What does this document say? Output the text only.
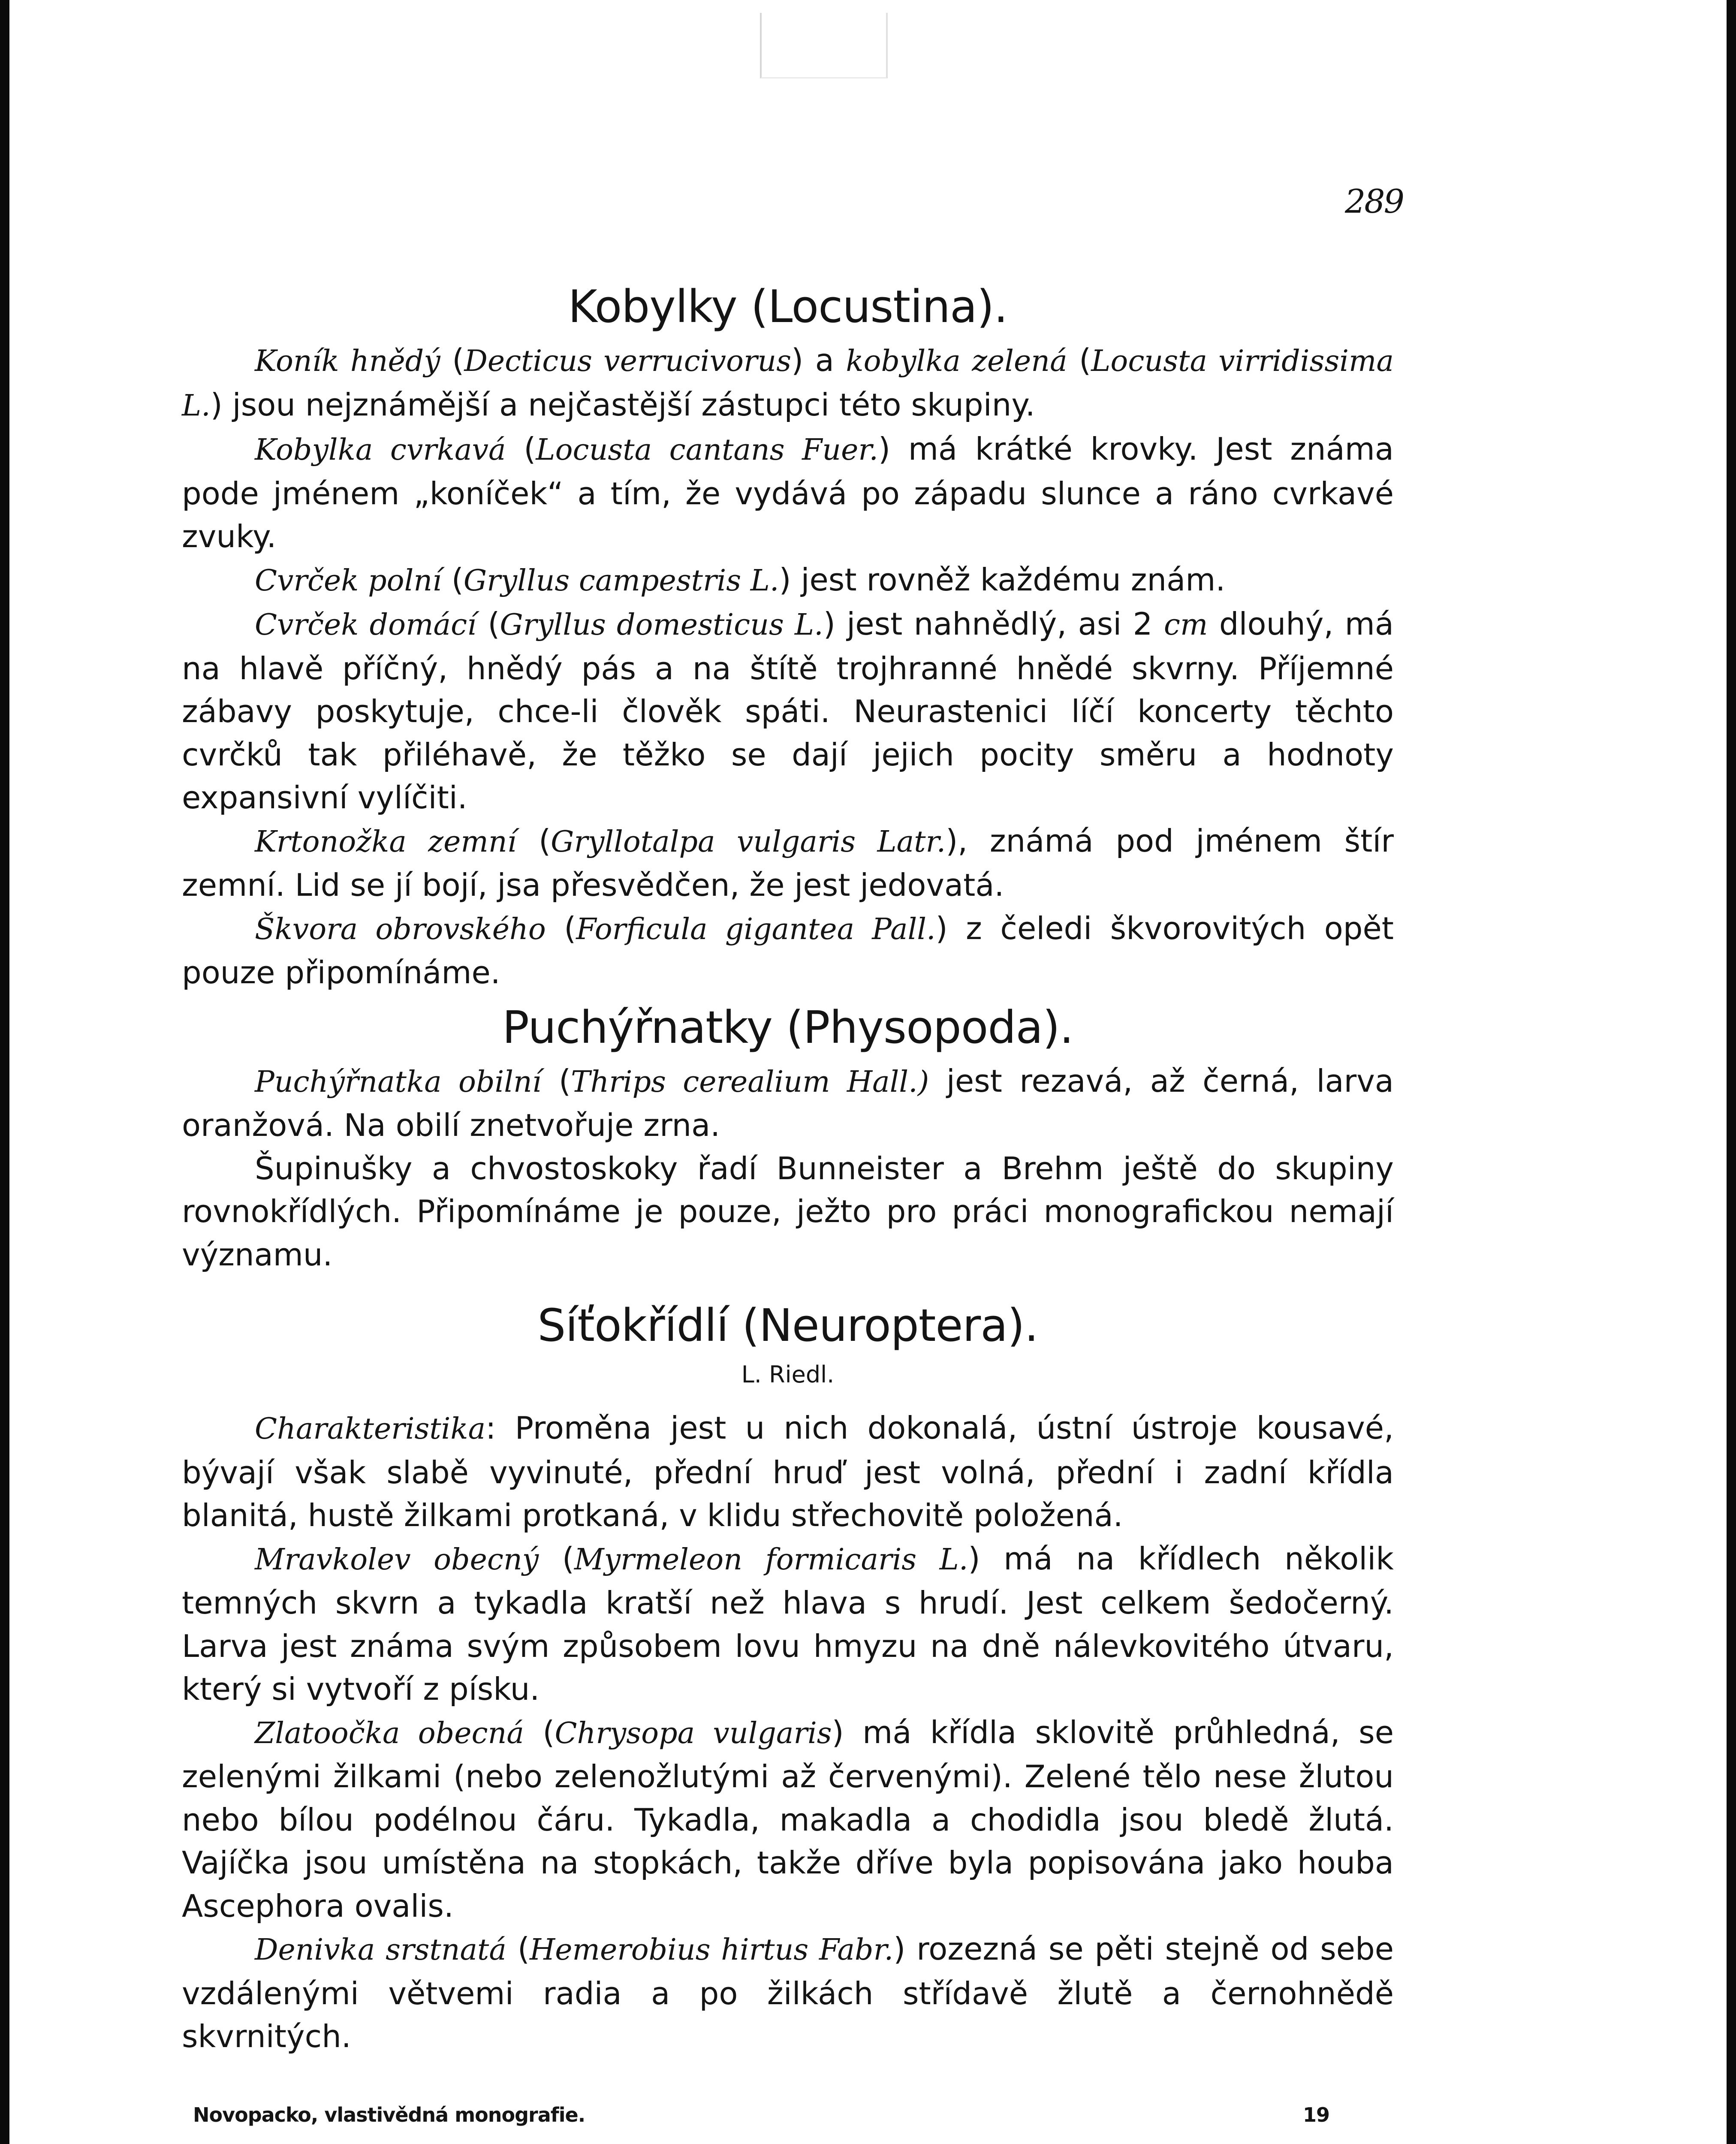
289
Kobylky (Locustina).

Koník hnědý (Decticus verrucivorus) a kobylka zelená (Locusta virridissima L.) jsou nejznámější a nejčastější zástupci této skupiny.

Kobylka cvrkavá (Locusta cantans Fuer.) má krátké krovky. Jest známa pode jménem „koníček“ a tím, že vydává po západu slunce a ráno cvrkavé zvuky.

Cvrček polní (Gryllus campestris L.) jest rovněž každému znám.

Cvrček domácí (Gryllus domesticus L.) jest nahnědlý, asi 2 cm dlouhý, má na hlavě příčný, hnědý pás a na štítě trojhranné hnědé skvrny. Příjemné zábavy poskytuje, chce-li člověk spáti. Neurastenici líčí koncerty těchto cvrčků tak přiléhavě, že těžko se dají jejich pocity směru a hodnoty expansivní vylíčiti.

Krtonožka zemní (Gryllotalpa vulgaris Latr.), známá pod jménem štír zemní. Lid se jí bojí, jsa přesvědčen, že jest jedovatá.

Škvora obrovského (Forficula gigantea Pall.) z čeledi škvorovitých opět pouze připomínáme.

Puchýřnatky (Physopoda).

Puchýřnatka obilní (Thrips cerealium Hall.) jest rezavá, až černá, larva oranžová. Na obilí znetvořuje zrna.

Šupinušky a chvostoskoky řadí Bunneister a Brehm ještě do skupiny rovnokřídlých. Připomínáme je pouze, ježto pro práci monografickou nemají významu.

Síťokřídlí (Neuroptera).
L. Riedl.

Charakteristika: Proměna jest u nich dokonalá, ústní ústroje kousavé, bývají však slabě vyvinuté, přední hruď jest volná, přední i zadní křídla blanitá, hustě žilkami protkaná, v klidu střechovitě položená.

Mravkolev obecný (Myrmeleon formicaris L.) má na křídlech několik temných skvrn a tykadla kratší než hlava s hrudí. Jest celkem šedočerný. Larva jest známa svým způsobem lovu hmyzu na dně nálevkovitého útvaru, který si vytvoří z písku.

Zlatoočka obecná (Chrysopa vulgaris) má křídla sklovitě průhledná, se zelenými žilkami (nebo zelenožlutými až červenými). Zelené tělo nese žlutou nebo bílou podélnou čáru. Tykadla, makadla a chodidla jsou bledě žlutá. Vajíčka jsou umístěna na stopkách, takže dříve byla popisována jako houba Ascephora ovalis.

Denivka srstnatá (Hemerobius hirtus Fabr.) rozezná se pěti stejně od sebe vzdálenými větvemi radia a po žilkách střídavě žlutě a černohnědě skvrnitých.

Novopacko, vlastivědná monografie.	19
